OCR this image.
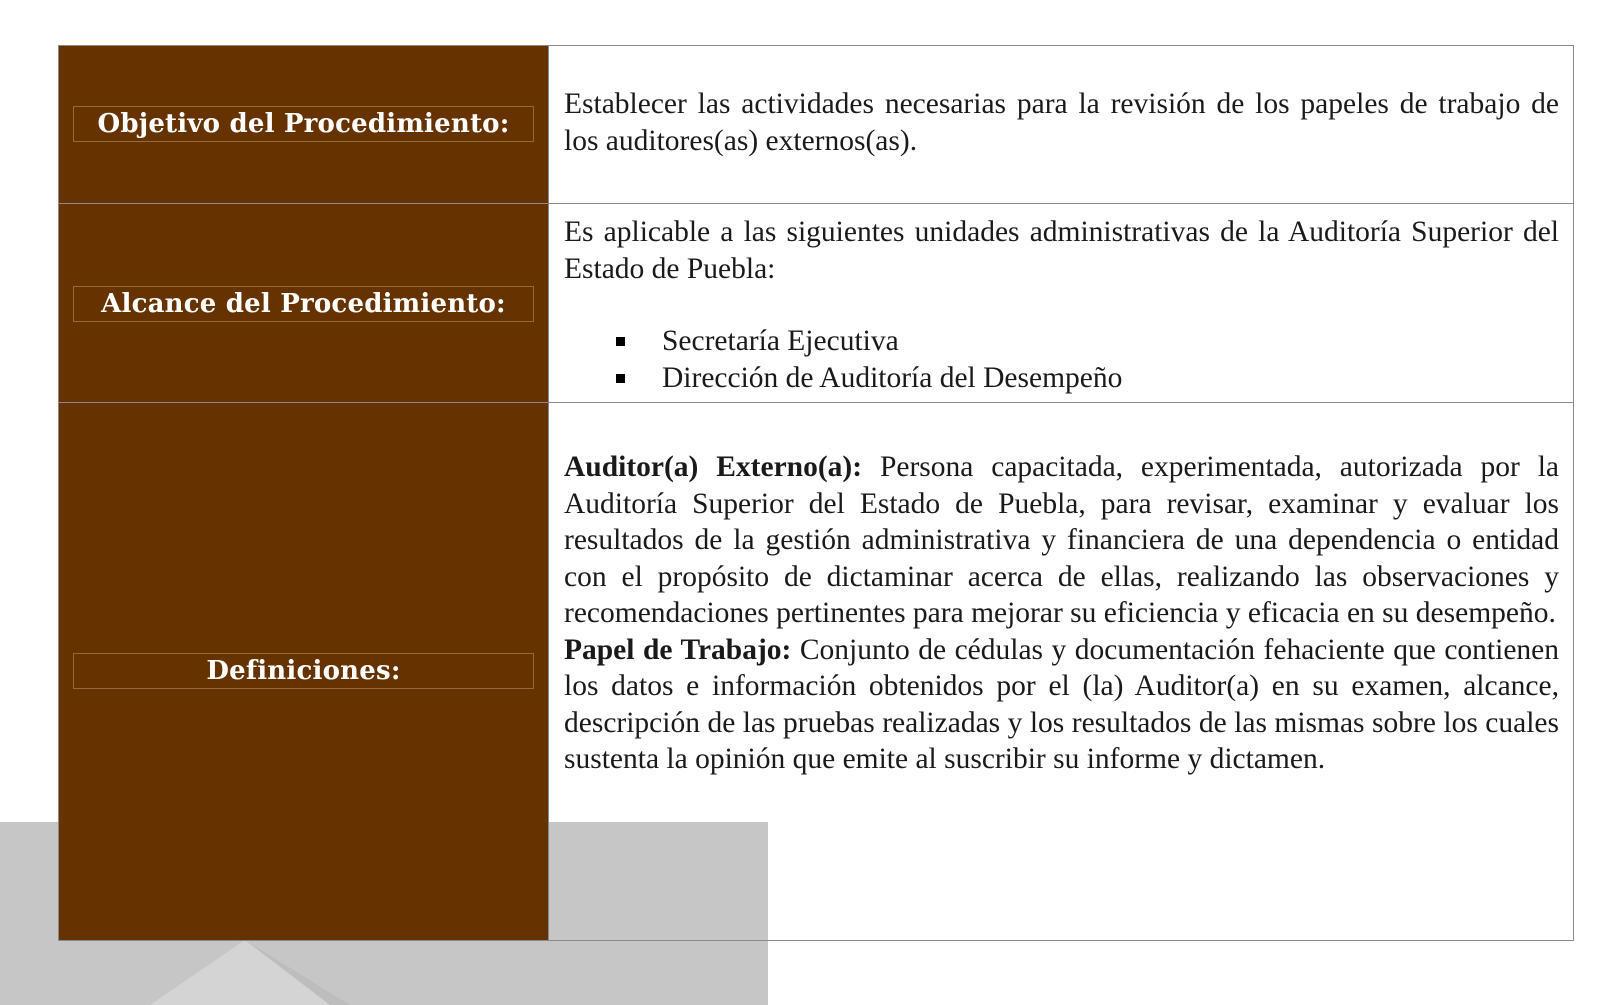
Objetivo del Procedimiento:

Establecer las actividades necesarias para la revisión de los papeles de trabajo de los auditores(as) externos(as).

Alcance del Procedimiento:

Es aplicable a las siguientes unidades administrativas de la Auditoría Superior del Estado de Puebla:

Secretaría Ejecutiva
Dirección de Auditoría del Desempeño
Definiciones:

Auditor(a) Externo(a): Persona capacitada, experimentada, autorizada por la Auditoría Superior del Estado de Puebla, para revisar, examinar y evaluar los resultados de la gestión administrativa y financiera de una dependencia o entidad con el propósito de dictaminar acerca de ellas, realizando las observaciones y recomendaciones pertinentes para mejorar su eficiencia y eficacia en su desempeño.

Papel de Trabajo: Conjunto de cédulas y documentación fehaciente que contienen los datos e información obtenidos por el (la) Auditor(a) en su examen, alcance, descripción de las pruebas realizadas y los resultados de las mismas sobre los cuales sustenta la opinión que emite al suscribir su informe y dictamen.
